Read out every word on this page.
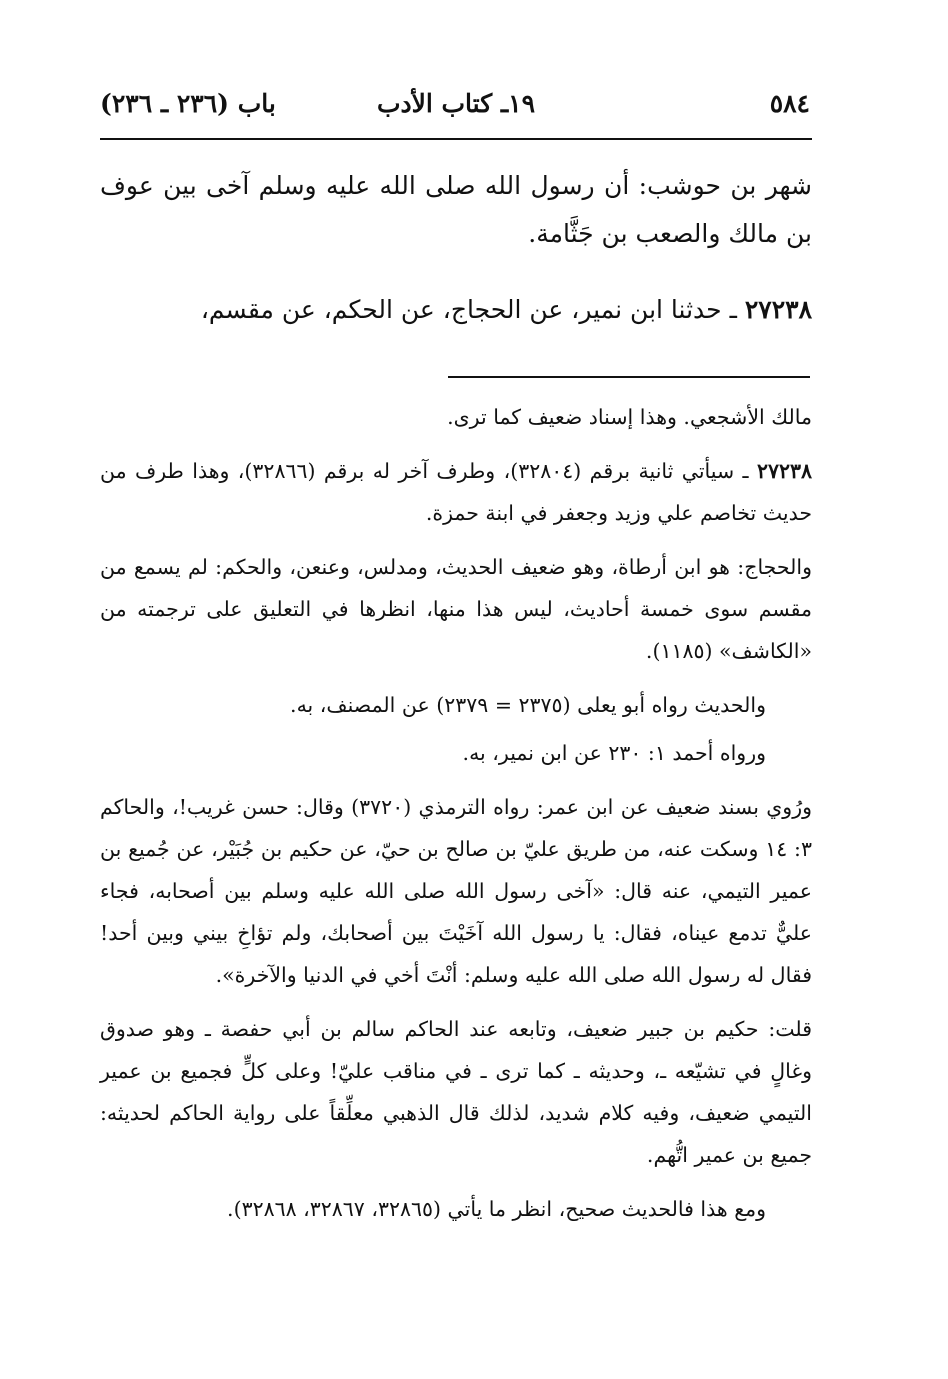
٥٨٤
١٩ـ كتاب الأدب
باب (٢٣٦ ـ ٢٣٦)

شهر بن حوشب: أن رسول الله صلى الله عليه وسلم آخى بين عوف بن مالك والصعب بن جَثَّامة.

٢٧٢٣٨ ـ حدثنا ابن نمير، عن الحجاج، عن الحكم، عن مقسم،

مالك الأشجعي. وهذا إسناد ضعيف كما ترى.

٢٧٢٣٨ ـ سيأتي ثانية برقم (٣٢٨٠٤)، وطرف آخر له برقم (٣٢٨٦٦)، وهذا طرف من حديث تخاصم علي وزيد وجعفر في ابنة حمزة.

والحجاج: هو ابن أرطاة، وهو ضعيف الحديث، ومدلس، وعنعن، والحكم: لم يسمع من مقسم سوى خمسة أحاديث، ليس هذا منها، انظرها في التعليق على ترجمته من «الكاشف» (١١٨٥).

والحديث رواه أبو يعلى (٢٣٧٥ = ٢٣٧٩) عن المصنف، به.

ورواه أحمد ١: ٢٣٠ عن ابن نمير، به.

ورُوي بسند ضعيف عن ابن عمر: رواه الترمذي (٣٧٢٠) وقال: حسن غريب!، والحاكم ٣: ١٤ وسكت عنه، من طريق عليّ بن صالح بن حيّ، عن حكيم بن جُبَيْر، عن جُميع بن عمير التيمي، عنه قال: «آخى رسول الله صلى الله عليه وسلم بين أصحابه، فجاء عليٌّ تدمع عيناه، فقال: يا رسول الله آخَيْتَ بين أصحابك، ولم تؤاخِ بيني وبين أحد! فقال له رسول الله صلى الله عليه وسلم: أنْتَ أخي في الدنيا والآخرة».

قلت: حكيم بن جبير ضعيف، وتابعه عند الحاكم سالم بن أبي حفصة ـ وهو صدوق وغالٍ في تشيّعه ـ، وحديثه ـ كما ترى ـ في مناقب عليّ! وعلى كلٍّ فجميع بن عمير التيمي ضعيف، وفيه كلام شديد، لذلك قال الذهبي معلِّقاً على رواية الحاكم لحديثه: جميع بن عمير اتُّهم.

ومع هذا فالحديث صحيح، انظر ما يأتي (٣٢٨٦٥، ٣٢٨٦٧، ٣٢٨٦٨).
